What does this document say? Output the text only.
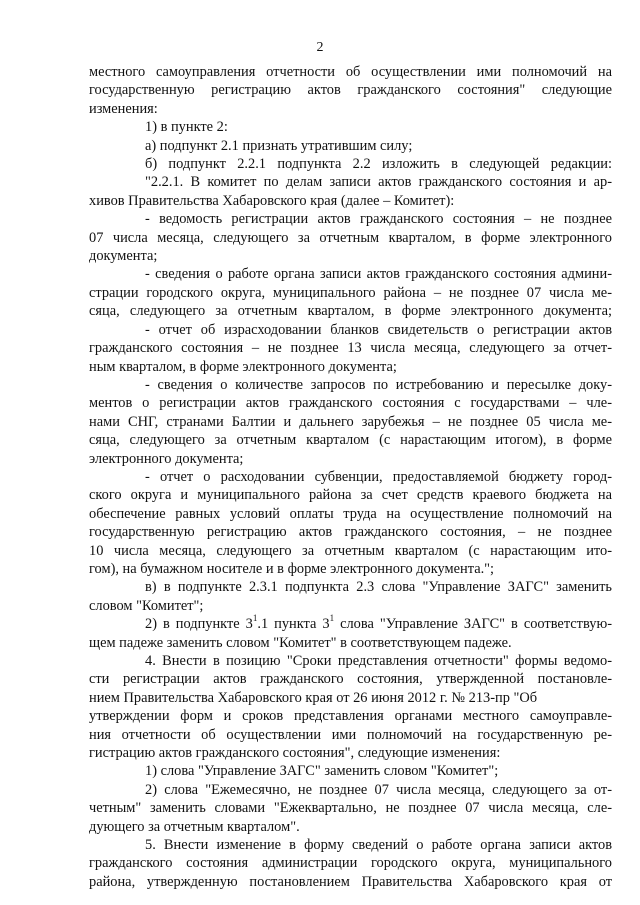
2
местного самоуправления отчетности об осуществлении ими полномочий на
государственную регистрацию актов гражданского состояния" следующие
изменения:
1) в пункте 2:
а) подпункт 2.1 признать утратившим силу;
б) подпункт 2.2.1 подпункта 2.2 изложить в следующей редакции:
"2.2.1. В комитет по делам записи актов гражданского состояния и ар-
хивов Правительства Хабаровского края (далее – Комитет):
- ведомость регистрации актов гражданского состояния – не позднее
07 числа месяца, следующего за отчетным кварталом, в форме электронного
документа;
- сведения о работе органа записи актов гражданского состояния админи-
страции городского округа, муниципального района – не позднее 07 числа ме-
сяца, следующего за отчетным кварталом, в форме электронного документа;
- отчет об израсходовании бланков свидетельств о регистрации актов
гражданского состояния – не позднее 13 числа месяца, следующего за отчет-
ным кварталом, в форме электронного документа;
- сведения о количестве запросов по истребованию и пересылке доку-
ментов о регистрации актов гражданского состояния с государствами – чле-
нами СНГ, странами Балтии и дальнего зарубежья – не позднее 05 числа ме-
сяца, следующего за отчетным кварталом (с нарастающим итогом), в форме
электронного документа;
- отчет о расходовании субвенции, предоставляемой бюджету город-
ского округа и муниципального района за счет средств краевого бюджета на
обеспечение равных условий оплаты труда на осуществление полномочий на
государственную регистрацию актов гражданского состояния, – не позднее
10 числа месяца, следующего за отчетным кварталом (с нарастающим ито-
гом), на бумажном носителе и в форме электронного документа.";
в) в подпункте 2.3.1 подпункта 2.3 слова "Управление ЗАГС" заменить
словом "Комитет";
2) в подпункте $3^1.1$ пункта $3^1$ слова "Управление ЗАГС" в соответствую-
щем падеже заменить словом "Комитет" в соответствующем падеже.
4. Внести в позицию "Сроки представления отчетности" формы ведомо-
сти регистрации актов гражданского состояния, утвержденной постановле-
нием Правительства Хабаровского края от 26 июня 2012 г. № 213-пр "Об
утверждении форм и сроков представления органами местного самоуправле-
ния отчетности об осуществлении ими полномочий на государственную ре-
гистрацию актов гражданского состояния", следующие изменения:
1) слова "Управление ЗАГС" заменить словом "Комитет";
2) слова "Ежемесячно, не позднее 07 числа месяца, следующего за от-
четным" заменить словами "Ежеквартально, не позднее 07 числа месяца, сле-
дующего за отчетным кварталом".
5. Внести изменение в форму сведений о работе органа записи актов
гражданского состояния администрации городского округа, муниципального
района, утвержденную постановлением Правительства Хабаровского края от
